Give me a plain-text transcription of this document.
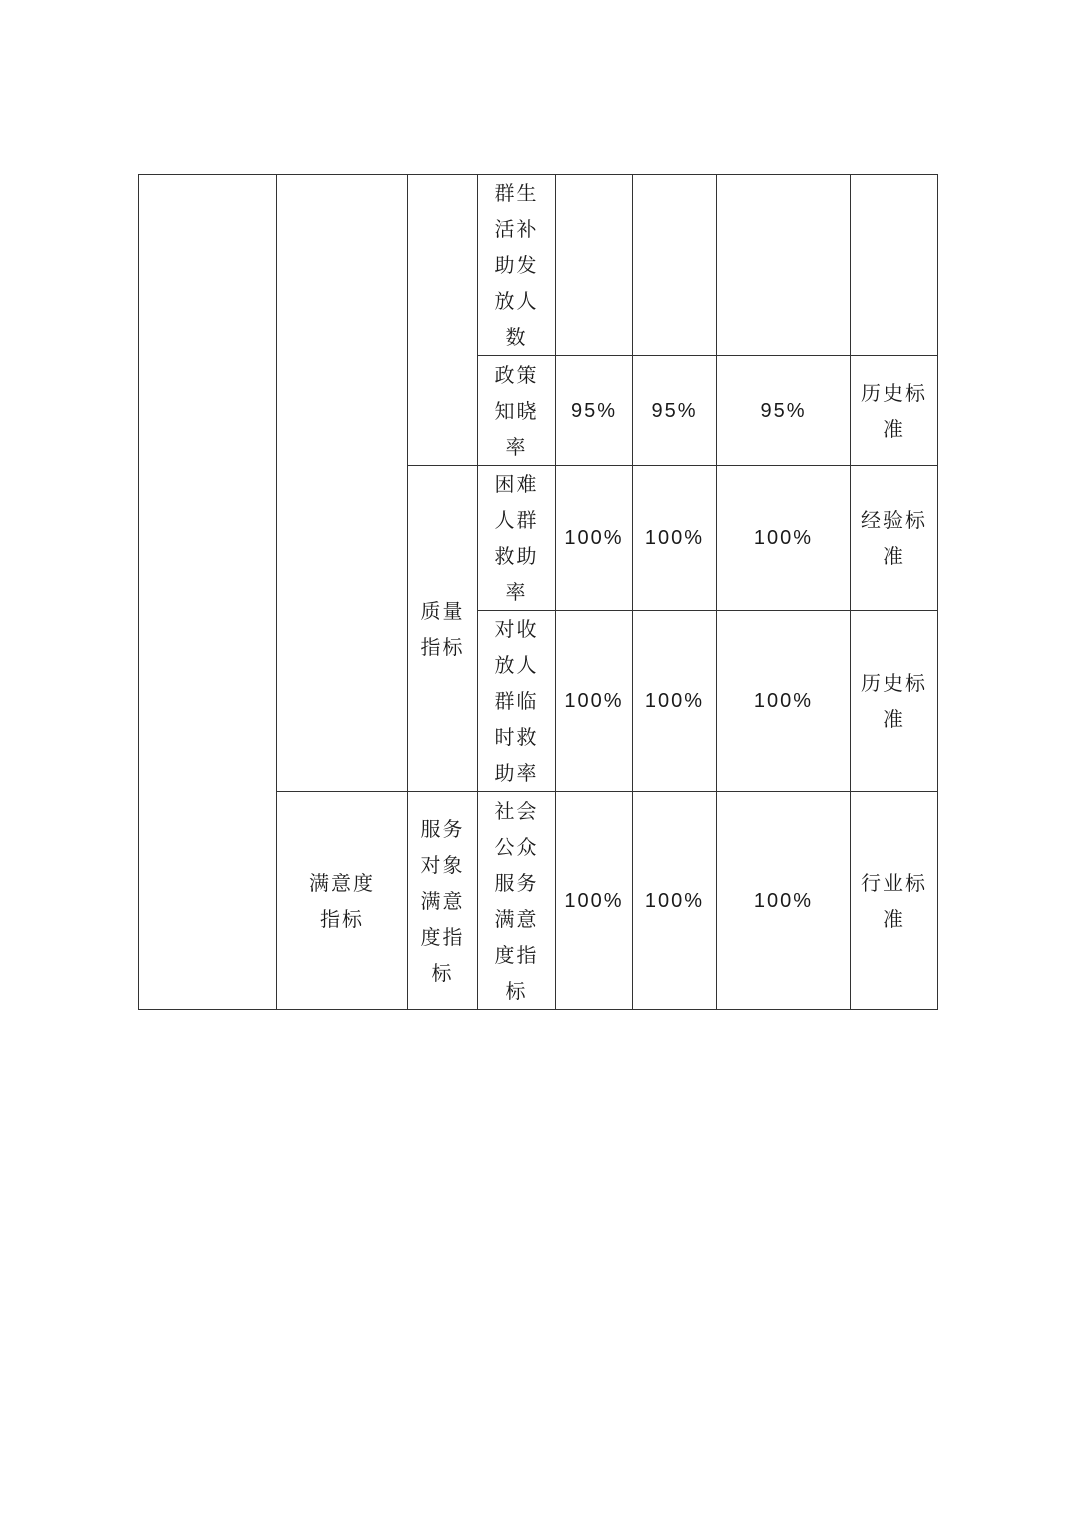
			群生活补助发放人数				

			政策知晓率	95%	95%	95%	历史标准

		质量指标	困难人群救助率	100%	100%	100%	经验标准

			对收放人群临时救助率	100%	100%	100%	历史标准

	满意度指标	服务对象满意度指标	社会公众服务满意度指标	100%	100%	100%	行业标准
